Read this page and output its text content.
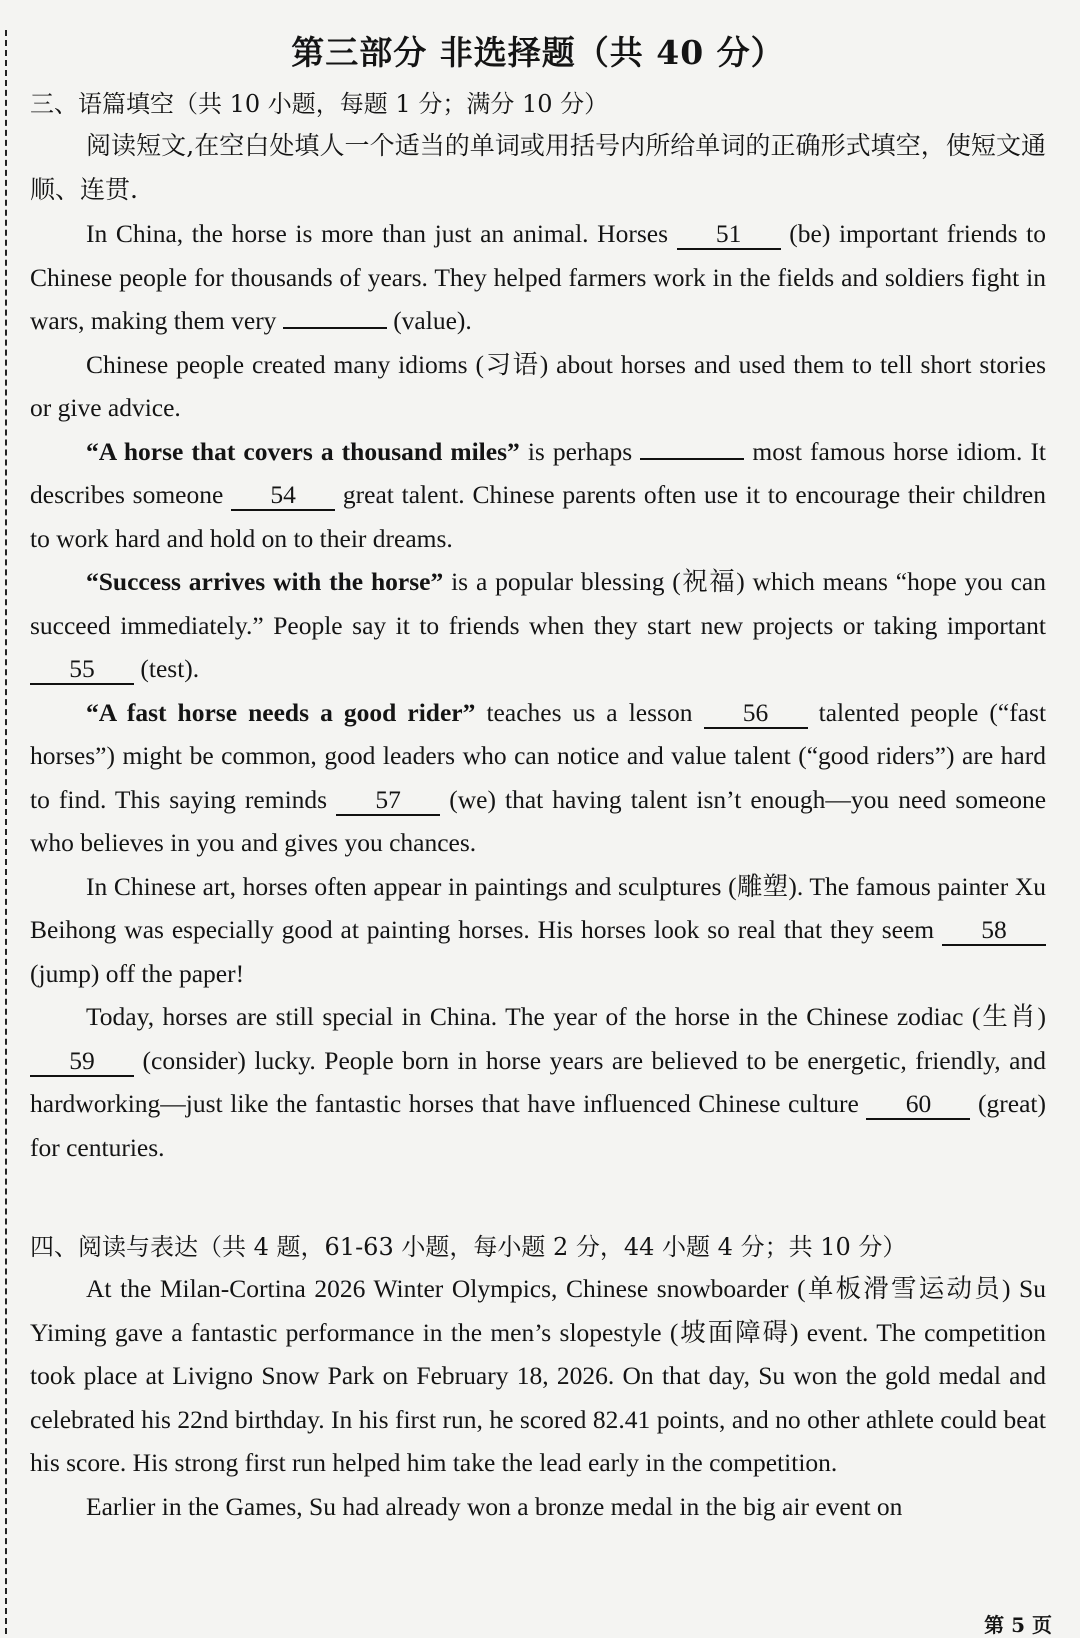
第三部分 非选择题（共 40 分）

三、语篇填空（共 10 小题，每题 1 分；满分 10 分）

阅读短文,在空白处填人一个适当的单词或用括号内所给单词的正确形式填空，使短文通顺、连贯.

In China, the horse is more than just an animal. Horses 51 (be) important friends to Chinese people for thousands of years. They helped farmers work in the fields and soldiers fight in wars, making them very	(value).

Chinese people created many idioms (习语) about horses and used them to tell short stories or give advice.

“A horse that covers a thousand miles” is perhaps	most famous horse idiom. It describes someone 54 great talent. Chinese parents often use it to encourage their children to work hard and hold on to their dreams.

“Success arrives with the horse” is a popular blessing (祝福) which means “hope you can succeed immediately.” People say it to friends when they start new projects or taking important 55 (test).

“A fast horse needs a good rider” teaches us a lesson 56 talented people (“fast horses”) might be common, good leaders who can notice and value talent (“good riders”) are hard to find. This saying reminds 57 (we) that having talent isn’t enough—you need someone who believes in you and gives you chances.

In Chinese art, horses often appear in paintings and sculptures (雕塑). The famous painter Xu Beihong was especially good at painting horses. His horses look so real that they seem 58 (jump) off the paper!

Today, horses are still special in China. The year of the horse in the Chinese zodiac (生肖) 59 (consider) lucky. People born in horse years are believed to be energetic, friendly, and hardworking—just like the fantastic horses that have influenced Chinese culture 60 (great) for centuries.

四、阅读与表达（共 4 题，61-63 小题，每小题 2 分，44 小题 4 分；共 10 分）

At the Milan-Cortina 2026 Winter Olympics, Chinese snowboarder (单板滑雪运动员) Su Yiming gave a fantastic performance in the men’s slopestyle (坡面障碍) event. The competition took place at Livigno Snow Park on February 18, 2026. On that day, Su won the gold medal and celebrated his 22nd birthday. In his first run, he scored 82.41 points, and no other athlete could beat his score. His strong first run helped him take the lead early in the competition.

Earlier in the Games, Su had already won a bronze medal in the big air event on

第 5 页
